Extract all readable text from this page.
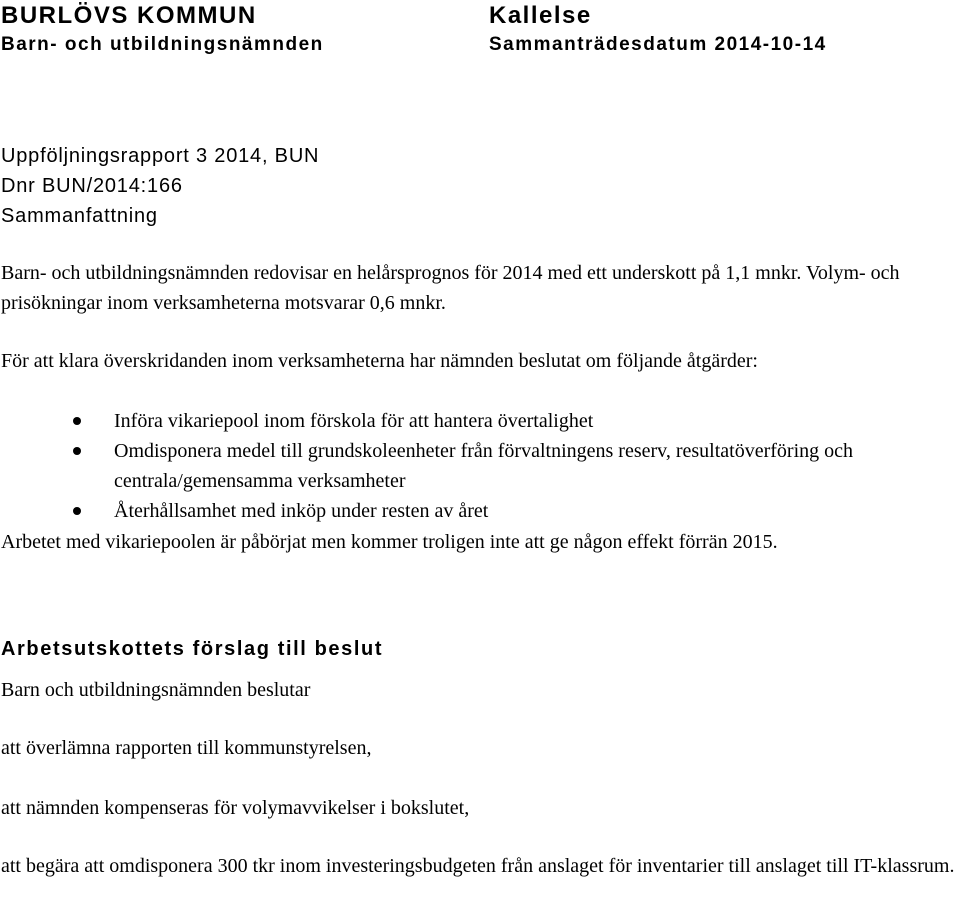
BURLÖVS KOMMUN

Barn- och utbildningsnämnden

Kallelse

Sammanträdesdatum 2014-10-14

Uppföljningsrapport 3 2014, BUN

Dnr BUN/2014:166

Sammanfattning

Barn- och utbildningsnämnden redovisar en helårsprognos för 2014 med ett underskott på 1,1 mnkr. Volym- och prisökningar inom verksamheterna motsvarar 0,6 mnkr.

För att klara överskridanden inom verksamheterna har nämnden beslutat om följande åtgärder:

Införa vikariepool inom förskola för att hantera övertalighet
Omdisponera medel till grundskoleenheter från förvaltningens reserv, resultatöverföring och centrala/gemensamma verksamheter
Återhållsamhet med inköp under resten av året

Arbetet med vikariepoolen är påbörjat men kommer troligen inte att ge någon effekt förrän 2015.

Arbetsutskottets förslag till beslut

Barn och utbildningsnämnden beslutar

att överlämna rapporten till kommunstyrelsen,

att nämnden kompenseras för volymavvikelser i bokslutet,

att begära att omdisponera 300 tkr inom investeringsbudgeten från anslaget för inventarier till anslaget till IT-klassrum.
